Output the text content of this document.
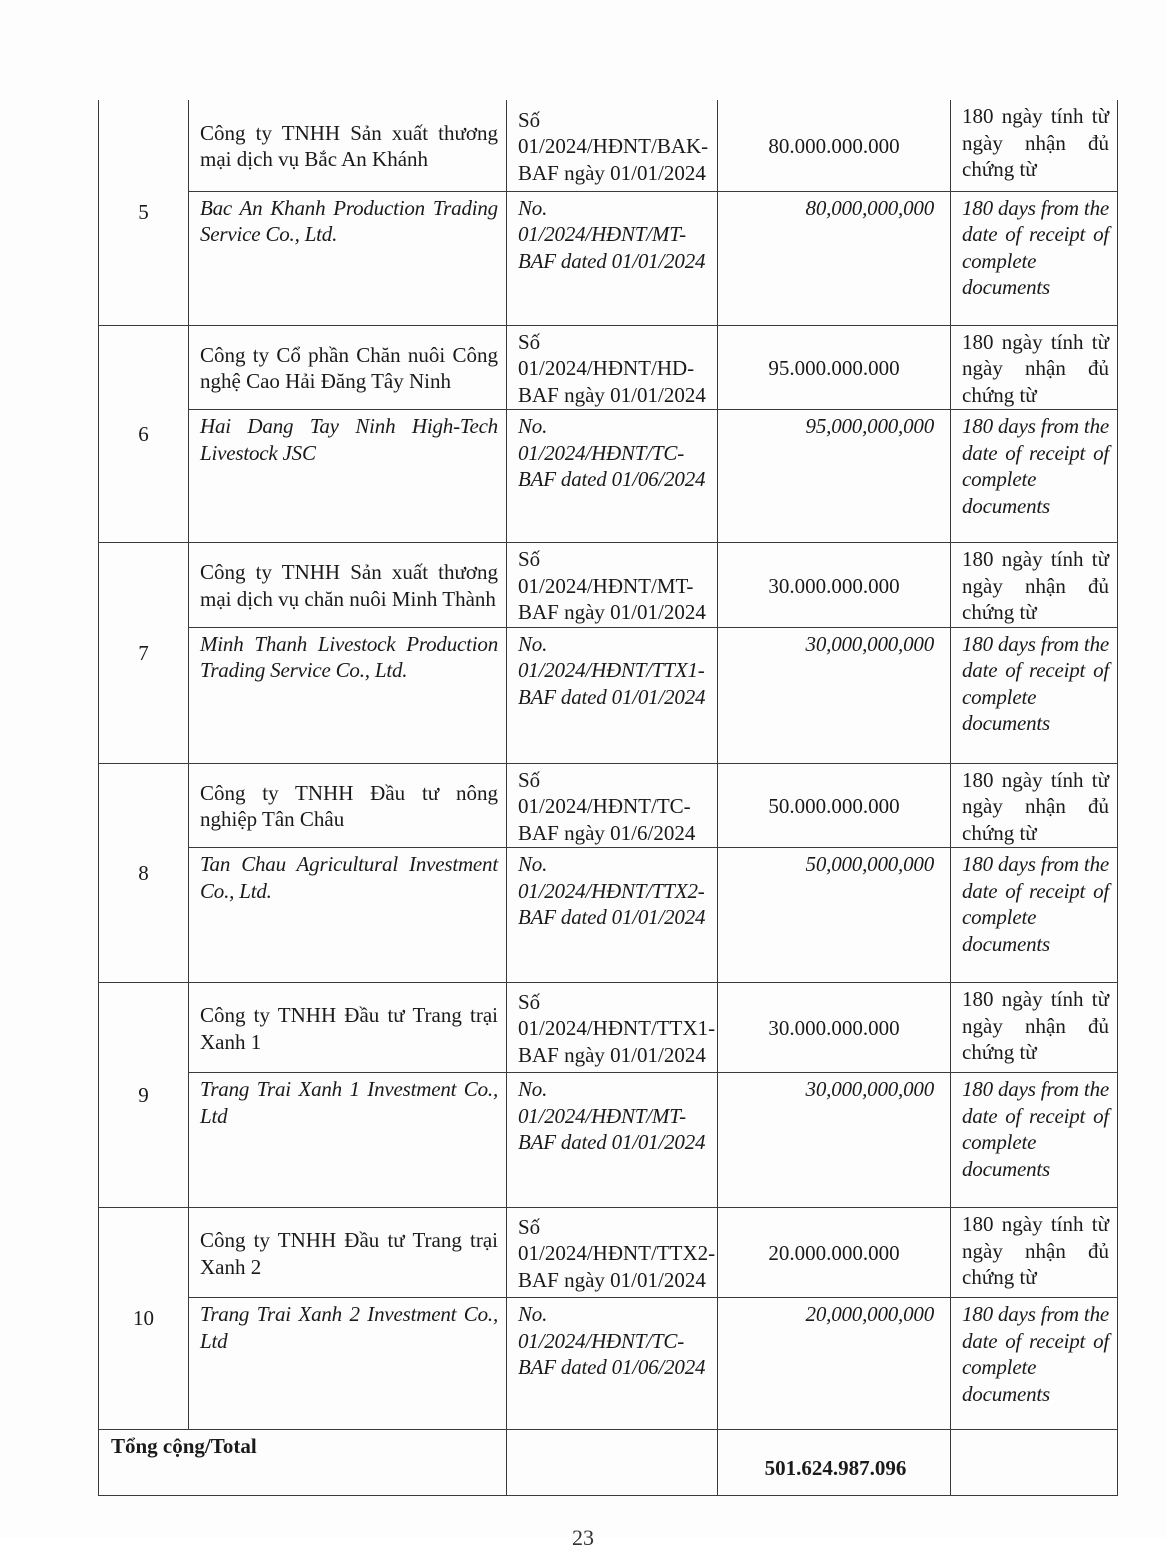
5	Công ty TNHH Sản xuất thương mại dịch vụ Bắc An Khánh	Số 01/2024/HĐNT/BAK-BAF ngày 01/01/2024	80.000.000.000	180 ngày tính từ ngày nhận đủ chứng từ
	Bac An Khanh Production Trading Service Co., Ltd.	No. 01/2024/HĐNT/MT-BAF dated 01/01/2024	80,000,000,000	180 days from the date of receipt of complete documents
6	Công ty Cổ phần Chăn nuôi Công nghệ Cao Hải Đăng Tây Ninh	Số 01/2024/HĐNT/HD-BAF ngày 01/01/2024	95.000.000.000	180 ngày tính từ ngày nhận đủ chứng từ
	Hai Dang Tay Ninh High-Tech Livestock JSC	No. 01/2024/HĐNT/TC-BAF dated 01/06/2024	95,000,000,000	180 days from the date of receipt of complete documents
7	Công ty TNHH Sản xuất thương mại dịch vụ chăn nuôi Minh Thành	Số 01/2024/HĐNT/MT-BAF ngày 01/01/2024	30.000.000.000	180 ngày tính từ ngày nhận đủ chứng từ
	Minh Thanh Livestock Production Trading Service Co., Ltd.	No. 01/2024/HĐNT/TTX1-BAF dated 01/01/2024	30,000,000,000	180 days from the date of receipt of complete documents
8	Công ty TNHH Đầu tư nông nghiệp Tân Châu	Số 01/2024/HĐNT/TC-BAF ngày 01/6/2024	50.000.000.000	180 ngày tính từ ngày nhận đủ chứng từ
	Tan Chau Agricultural Investment Co., Ltd.	No. 01/2024/HĐNT/TTX2-BAF dated 01/01/2024	50,000,000,000	180 days from the date of receipt of complete documents
9	Công ty TNHH Đầu tư Trang trại Xanh 1	Số 01/2024/HĐNT/TTX1-BAF ngày 01/01/2024	30.000.000.000	180 ngày tính từ ngày nhận đủ chứng từ
	Trang Trai Xanh 1 Investment Co., Ltd	No. 01/2024/HĐNT/MT-BAF dated 01/01/2024	30,000,000,000	180 days from the date of receipt of complete documents
10	Công ty TNHH Đầu tư Trang trại Xanh 2	Số 01/2024/HĐNT/TTX2-BAF ngày 01/01/2024	20.000.000.000	180 ngày tính từ ngày nhận đủ chứng từ
	Trang Trai Xanh 2 Investment Co., Ltd	No. 01/2024/HĐNT/TC-BAF dated 01/06/2024	20,000,000,000	180 days from the date of receipt of complete documents
Tổng cộng/Total			501.624.987.096	
23
